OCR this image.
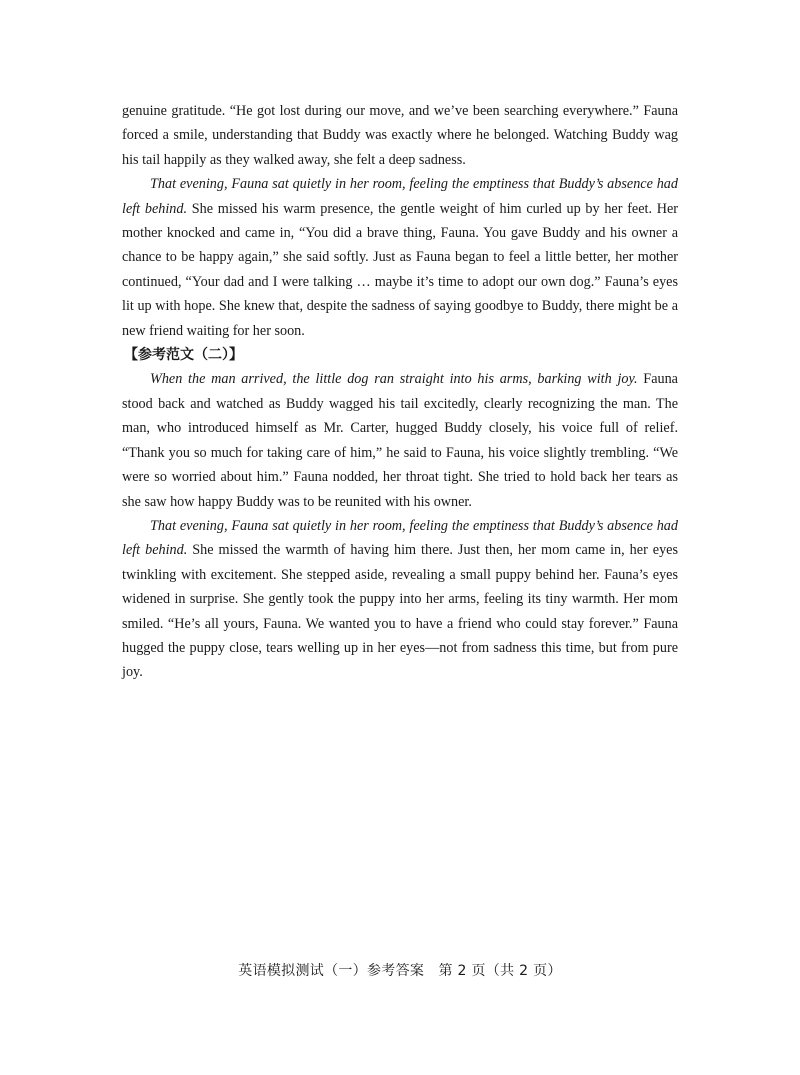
genuine gratitude. “He got lost during our move, and we’ve been searching everywhere.” Fauna forced a smile, understanding that Buddy was exactly where he belonged. Watching Buddy wag his tail happily as they walked away, she felt a deep sadness.

That evening, Fauna sat quietly in her room, feeling the emptiness that Buddy’s absence had left behind. She missed his warm presence, the gentle weight of him curled up by her feet. Her mother knocked and came in, “You did a brave thing, Fauna. You gave Buddy and his owner a chance to be happy again,” she said softly. Just as Fauna began to feel a little better, her mother continued, “Your dad and I were talking … maybe it’s time to adopt our own dog.” Fauna’s eyes lit up with hope. She knew that, despite the sadness of saying goodbye to Buddy, there might be a new friend waiting for her soon.

【参考范文（二）】

When the man arrived, the little dog ran straight into his arms, barking with joy. Fauna stood back and watched as Buddy wagged his tail excitedly, clearly recognizing the man. The man, who introduced himself as Mr. Carter, hugged Buddy closely, his voice full of relief. “Thank you so much for taking care of him,” he said to Fauna, his voice slightly trembling. “We were so worried about him.” Fauna nodded, her throat tight. She tried to hold back her tears as she saw how happy Buddy was to be reunited with his owner.

That evening, Fauna sat quietly in her room, feeling the emptiness that Buddy’s absence had left behind. She missed the warmth of having him there. Just then, her mom came in, her eyes twinkling with excitement. She stepped aside, revealing a small puppy behind her. Fauna’s eyes widened in surprise. She gently took the puppy into her arms, feeling its tiny warmth. Her mom smiled. “He’s all yours, Fauna. We wanted you to have a friend who could stay forever.” Fauna hugged the puppy close, tears welling up in her eyes—not from sadness this time, but from pure joy.

英语模拟测试（一）参考答案　第 2 页（共 2 页）
